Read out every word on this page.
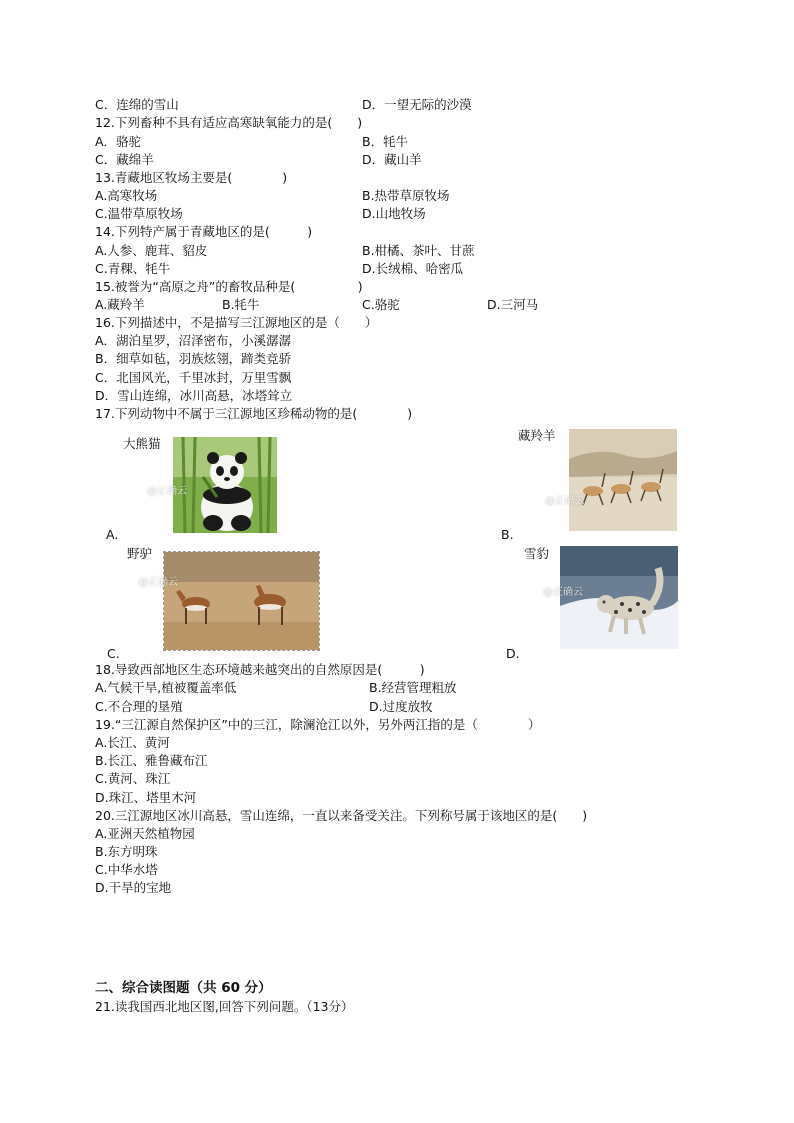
C．连绵的雪山	D．一望无际的沙漠
12.下列畜种不具有适应高寒缺氧能力的是(　　)
A．骆驼	B．牦牛
C．藏绵羊	D．藏山羊
13.青藏地区牧场主要是(　　　　)
A.高寒牧场	B.热带草原牧场
C.温带草原牧场	D.山地牧场
14.下列特产属于青藏地区的是(　　　)
A.人参、鹿茸、貂皮	B.柑橘、茶叶、甘蔗
C.青稞、牦牛	D.长绒棉、哈密瓜
15.被誉为“高原之舟”的畜牧品种是(　　　　　)
A.藏羚羊	B.牦牛	C.骆驼	D.三河马
16.下列描述中，不是描写三江源地区的是（　　）
A．湖泊星罗，沼泽密布，小溪潺潺
B．细草如毡，羽族炫翎，蹄类竞骄
C．北国风光，千里冰封，万里雪飘
D．雪山连绵，冰川高悬，冰塔耸立
17.下列动物中不属于三江源地区珍稀动物的是(　　　　)
大熊猫
@正确云
A.
藏羚羊
@正确云
B.
野驴
@正确云
C.
雪豹
@正确云
D.
18.导致西部地区生态环境越来越突出的自然原因是(　　　)
A.气候干旱,植被覆盖率低	B.经营管理粗放
C.不合理的垦殖	D.过度放牧
19.“三江源自然保护区”中的三江，除澜沧江以外，另外两江指的是（　　　　）
A.长江、黄河
B.长江、雅鲁藏布江
C.黄河、珠江
D.珠江、塔里木河
20.三江源地区冰川高悬，雪山连绵，一直以来备受关注。下列称号属于该地区的是(　　)
A.亚洲天然植物园
B.东方明珠
C.中华水塔
D.干旱的宝地
二、综合读图题（共 60 分）
21.读我国西北地区图,回答下列问题。（13分）
